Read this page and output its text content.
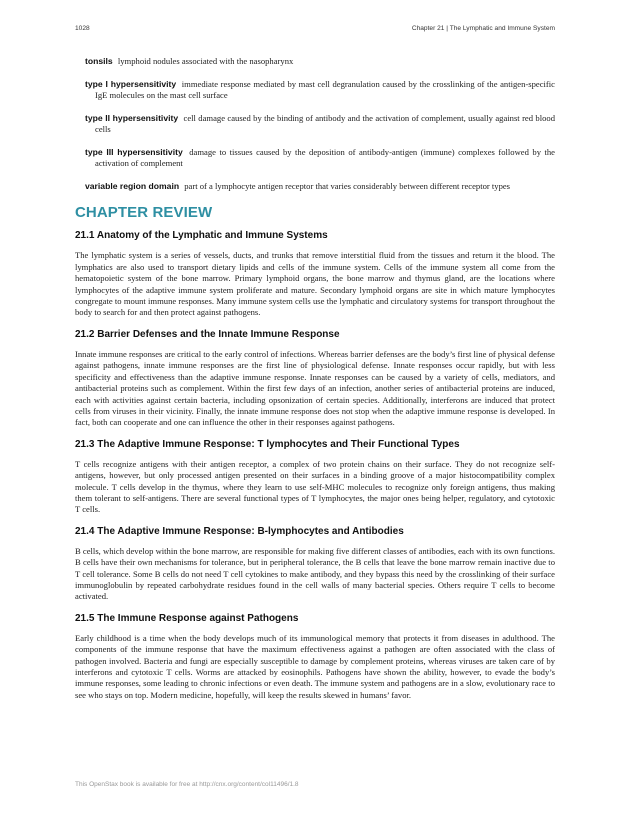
1028	Chapter 21 | The Lymphatic and Immune System

tonsils lymphoid nodules associated with the nasopharynx

type I hypersensitivity immediate response mediated by mast cell degranulation caused by the crosslinking of the antigen-specific IgE molecules on the mast cell surface

type II hypersensitivity cell damage caused by the binding of antibody and the activation of complement, usually against red blood cells

type III hypersensitivity damage to tissues caused by the deposition of antibody-antigen (immune) complexes followed by the activation of complement

variable region domain part of a lymphocyte antigen receptor that varies considerably between different receptor types

CHAPTER REVIEW
21.1 Anatomy of the Lymphatic and Immune Systems

The lymphatic system is a series of vessels, ducts, and trunks that remove interstitial fluid from the tissues and return it the blood. The lymphatics are also used to transport dietary lipids and cells of the immune system. Cells of the immune system all come from the hematopoietic system of the bone marrow. Primary lymphoid organs, the bone marrow and thymus gland, are the locations where lymphocytes of the adaptive immune system proliferate and mature. Secondary lymphoid organs are site in which mature lymphocytes congregate to mount immune responses. Many immune system cells use the lymphatic and circulatory systems for transport throughout the body to search for and then protect against pathogens.

21.2 Barrier Defenses and the Innate Immune Response

Innate immune responses are critical to the early control of infections. Whereas barrier defenses are the body’s first line of physical defense against pathogens, innate immune responses are the first line of physiological defense. Innate responses occur rapidly, but with less specificity and effectiveness than the adaptive immune response. Innate responses can be caused by a variety of cells, mediators, and antibacterial proteins such as complement. Within the first few days of an infection, another series of antibacterial proteins are induced, each with activities against certain bacteria, including opsonization of certain species. Additionally, interferons are induced that protect cells from viruses in their vicinity. Finally, the innate immune response does not stop when the adaptive immune response is developed. In fact, both can cooperate and one can influence the other in their responses against pathogens.

21.3 The Adaptive Immune Response: T lymphocytes and Their Functional Types

T cells recognize antigens with their antigen receptor, a complex of two protein chains on their surface. They do not recognize self-antigens, however, but only processed antigen presented on their surfaces in a binding groove of a major histocompatibility complex molecule. T cells develop in the thymus, where they learn to use self-MHC molecules to recognize only foreign antigens, thus making them tolerant to self-antigens. There are several functional types of T lymphocytes, the major ones being helper, regulatory, and cytotoxic T cells.

21.4 The Adaptive Immune Response: B-lymphocytes and Antibodies

B cells, which develop within the bone marrow, are responsible for making five different classes of antibodies, each with its own functions. B cells have their own mechanisms for tolerance, but in peripheral tolerance, the B cells that leave the bone marrow remain inactive due to T cell tolerance. Some B cells do not need T cell cytokines to make antibody, and they bypass this need by the crosslinking of their surface immunoglobulin by repeated carbohydrate residues found in the cell walls of many bacterial species. Others require T cells to become activated.

21.5 The Immune Response against Pathogens

Early childhood is a time when the body develops much of its immunological memory that protects it from diseases in adulthood. The components of the immune response that have the maximum effectiveness against a pathogen are often associated with the class of pathogen involved. Bacteria and fungi are especially susceptible to damage by complement proteins, whereas viruses are taken care of by interferons and cytotoxic T cells. Worms are attacked by eosinophils. Pathogens have shown the ability, however, to evade the body’s immune responses, some leading to chronic infections or even death. The immune system and pathogens are in a slow, evolutionary race to see who stays on top. Modern medicine, hopefully, will keep the results skewed in humans’ favor.

This OpenStax book is available for free at http://cnx.org/content/col11496/1.8
